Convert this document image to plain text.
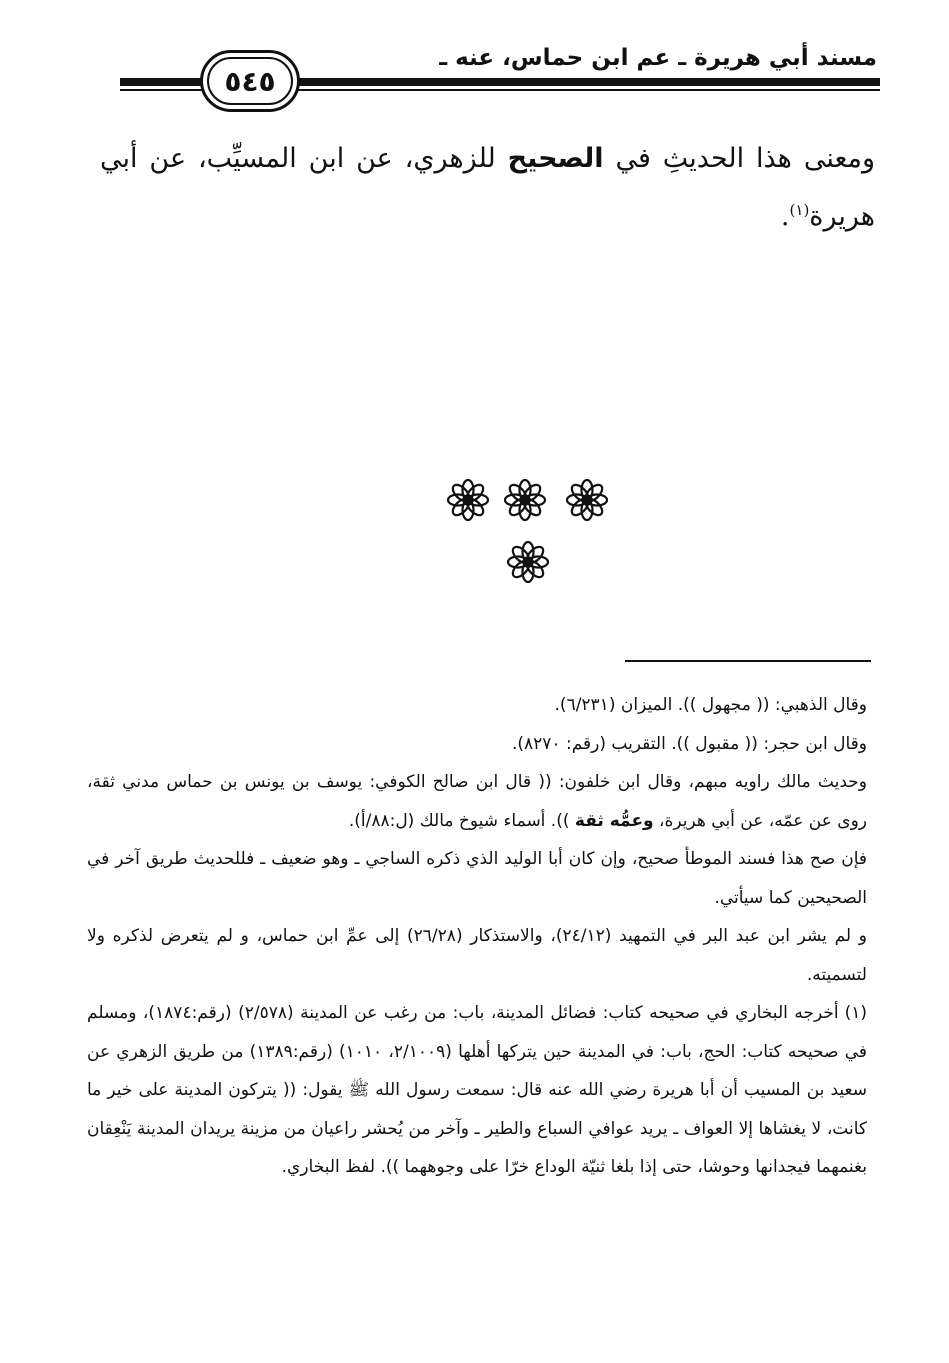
مسند أبي هريرة ـ عم ابن حماس، عنه ـ
٥٤٥
ومعنى هذا الحديثِ في الصحيح للزهري، عن ابن المسيِّب، عن أبي هريرة$^{(١)}$.

وقال الذهبي: (( مجهول )). الميزان (٦/٢٣١).

وقال ابن حجر: (( مقبول )). التقريب (رقم: ٨٢٧٠).

وحديث مالك راويه مبهم، وقال ابن خلفون: (( قال ابن صالح الكوفي: يوسف بن يونس بن حماس مدني ثقة، روى عن عمّه، عن أبي هريرة، وعمُّه ثقة )). أسماء شيوخ مالك (ل:٨٨/أ).

فإن صح هذا فسند الموطأ صحيح، وإن كان أبا الوليد الذي ذكره الساجي ـ وهو ضعيف ـ فللحديث طريق آخر في الصحيحين كما سيأتي.

و لم يشر ابن عبد البر في التمهيد (٢٤/١٢)، والاستذكار (٢٦/٢٨) إلى عمِّ ابن حماس، و لم يتعرض لذكره ولا لتسميته.

(١)أخرجه البخاري في صحيحه كتاب: فضائل المدينة، باب: من رغب عن المدينة (٢/٥٧٨) (رقم:١٨٧٤)، ومسلم في صحيحه كتاب: الحج، باب: في المدينة حين يتركها أهلها (٢/١٠٠٩، ١٠١٠) (رقم:١٣٨٩) من طريق الزهري عن سعيد بن المسيب أن أبا هريرة رضي الله عنه قال: سمعت رسول الله ﷺ يقول: (( يتركون المدينة على خير ما كانت، لا يغشاها إلا العواف ـ يريد عوافي السباع والطير ـ وآخر من يُحشر راعيان من مزينة يريدان المدينة يَنْعِقان بغنمهما فيجدانها وحوشا، حتى إذا بلغا ثنيّة الوداع خرّا على وجوههما )). لفظ البخاري.
